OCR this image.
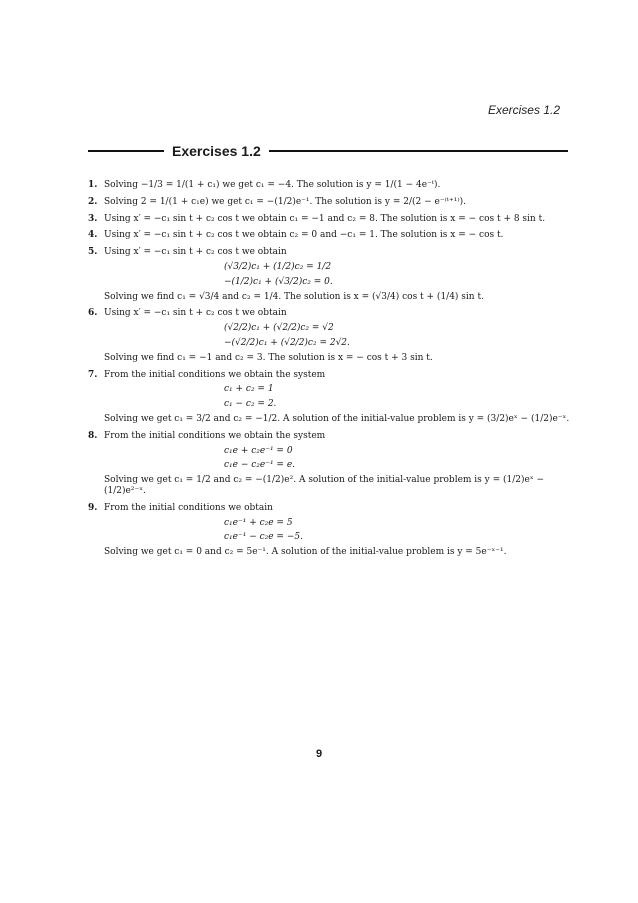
Exercises 1.2
Exercises 1.2
1. Solving −1/3 = 1/(1 + c₁) we get c₁ = −4. The solution is y = 1/(1 − 4e⁻ᵗ).

2. Solving 2 = 1/(1 + c₁e) we get c₁ = −(1/2)e⁻¹. The solution is y = 2/(2 − e⁻⁽ᵗ⁺¹⁾).

3. Using x′ = −c₁ sin t + c₂ cos t we obtain c₁ = −1 and c₂ = 8. The solution is x = − cos t + 8 sin t.

4. Using x′ = −c₁ sin t + c₂ cos t we obtain c₂ = 0 and −c₁ = 1. The solution is x = − cos t.

5. Using x′ = −c₁ sin t + c₂ cos t we obtain

(√3/2)c₁ + (1/2)c₂ = 1/2
−(1/2)c₁ + (√3/2)c₂ = 0.

Solving we find c₁ = √3/4 and c₂ = 1/4. The solution is x = (√3/4) cos t + (1/4) sin t.

6. Using x′ = −c₁ sin t + c₂ cos t we obtain

(√2/2)c₁ + (√2/2)c₂ = √2
−(√2/2)c₁ + (√2/2)c₂ = 2√2.

Solving we find c₁ = −1 and c₂ = 3. The solution is x = − cos t + 3 sin t.

7. From the initial conditions we obtain the system

c₁ + c₂ = 1
c₁ − c₂ = 2.

Solving we get c₁ = 3/2 and c₂ = −1/2. A solution of the initial-value problem is y = (3/2)eˣ − (1/2)e⁻ˣ.

8. From the initial conditions we obtain the system

c₁e + c₂e⁻¹ = 0
c₁e − c₂e⁻¹ = e.

Solving we get c₁ = 1/2 and c₂ = −(1/2)e². A solution of the initial-value problem is y = (1/2)eˣ − (1/2)e²⁻ˣ.

9. From the initial conditions we obtain

c₁e⁻¹ + c₂e = 5
c₁e⁻¹ − c₂e = −5.

Solving we get c₁ = 0 and c₂ = 5e⁻¹. A solution of the initial-value problem is y = 5e⁻ˣ⁻¹.

9
